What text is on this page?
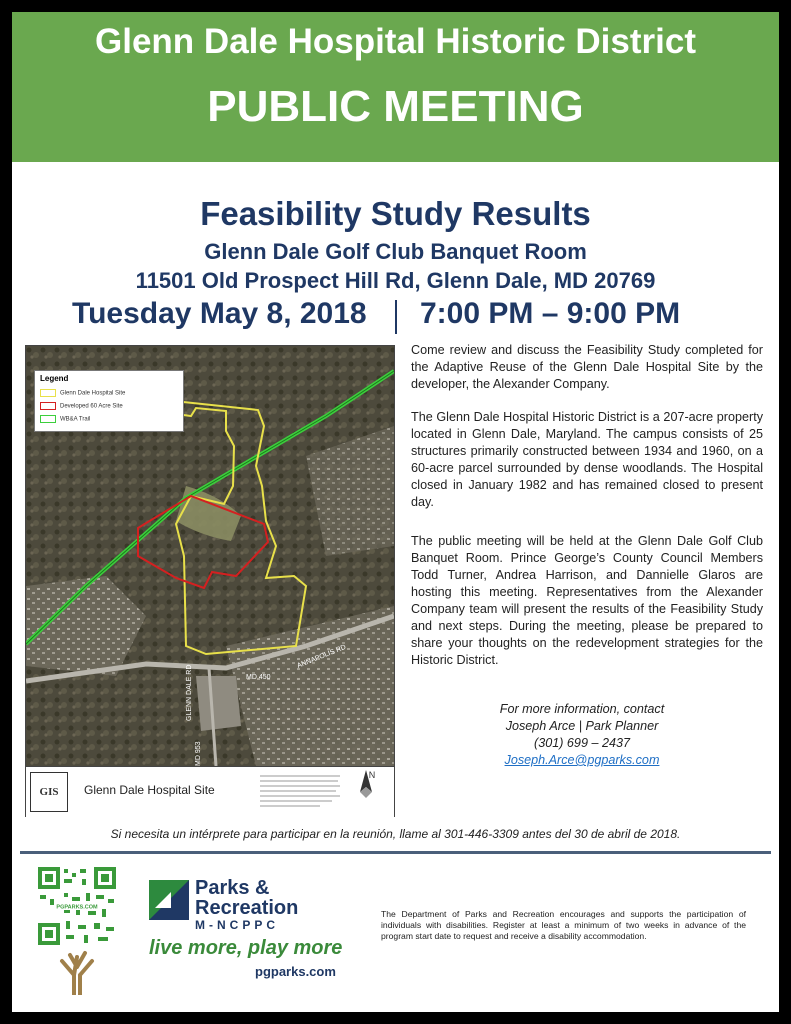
Glenn Dale Hospital Historic District
PUBLIC MEETING
Feasibility Study Results
Glenn Dale Golf Club Banquet Room
11501 Old Prospect Hill Rd, Glenn Dale, MD 20769
Tuesday May 8, 2018 7:00 PM – 9:00 PM
MD 450
ANNAPOLIS RD
GLENN DALE RD
MD 953
Legend
Glenn Dale Hospital Site
Developed 60 Acre Site
WB&A Trail
GIS	Glenn Dale Hospital Site
N
Come review and discuss the Feasibility Study completed for the Adaptive Reuse of the Glenn Dale Hospital Site by the developer, the Alexander Company.
The Glenn Dale Hospital Historic District is a 207-acre property located in Glenn Dale, Maryland. The campus consists of 25 structures primarily constructed between 1934 and 1960, on a 60-acre parcel surrounded by dense woodlands. The Hospital closed in January 1982 and has remained closed to present day.
The public meeting will be held at the Glenn Dale Golf Club Banquet Room. Prince George’s County Council Members Todd Turner, Andrea Harrison, and Dannielle Glaros are hosting this meeting. Representatives from the Alexander Company team will present the results of the Feasibility Study and next steps. During the meeting, please be prepared to share your thoughts on the redevelopment strategies for the Historic District.
For more information, contact
Joseph Arce | Park Planner
(301) 699 – 2437
Joseph.Arce@pgparks.com
Si necesita un intérprete para participar en la reunión, llame al 301-446-3309 antes del 30 de abril de 2018.
PGPARKS.COM
Parks &
Recreation
M-NCPPC
live more, play more
pgparks.com
The Department of Parks and Recreation encourages and supports the participation of individuals with disabilities. Register at least a minimum of two weeks in advance of the program start date to request and receive a disability accommodation.
